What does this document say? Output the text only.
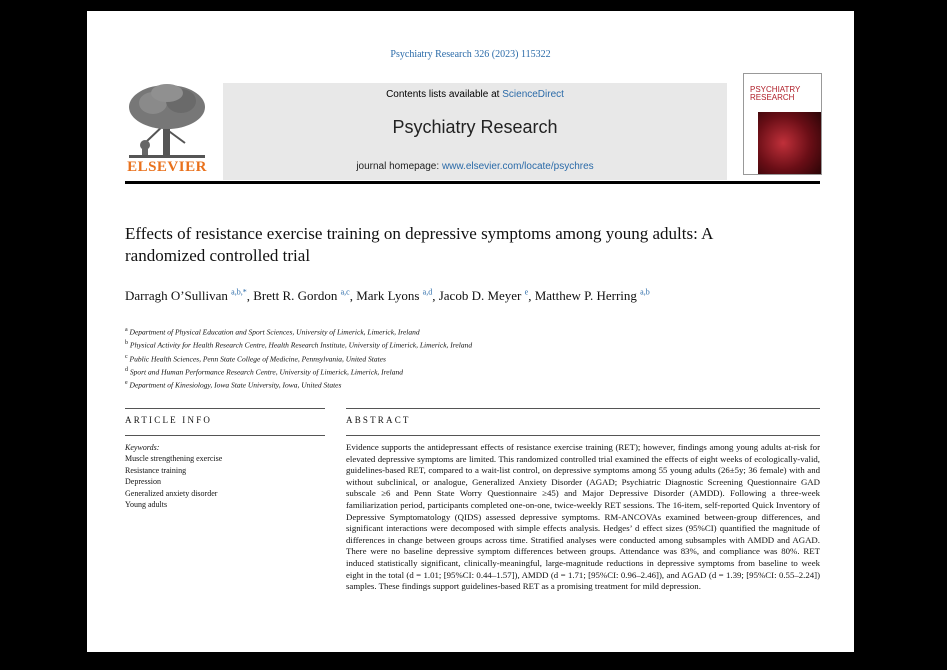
Psychiatry Research 326 (2023) 115322
ELSEVIER
Contents lists available at ScienceDirect
Psychiatry Research
journal homepage: www.elsevier.com/locate/psychres
PSYCHIATRY
RESEARCH
Effects of resistance exercise training on depressive symptoms among young adults: A randomized controlled trial
Darragh O’Sullivan $^{a,b,*}$, Brett R. Gordon $^{a,c}$, Mark Lyons $^{a,d}$, Jacob D. Meyer $^e$, Matthew P. Herring $^{a,b}$
$^a$ Department of Physical Education and Sport Sciences, University of Limerick, Limerick, Ireland
$^b$ Physical Activity for Health Research Centre, Health Research Institute, University of Limerick, Limerick, Ireland
$^c$ Public Health Sciences, Penn State College of Medicine, Pennsylvania, United States
$^d$ Sport and Human Performance Research Centre, University of Limerick, Limerick, Ireland
$^e$ Department of Kinesiology, Iowa State University, Iowa, United States
ARTICLE INFO	ABSTRACT
Keywords:
Muscle strengthening exercise
Resistance training
Depression
Generalized anxiety disorder
Young adults
Evidence supports the antidepressant effects of resistance exercise training (RET); however, findings among young adults at-risk for elevated depressive symptoms are limited. This randomized controlled trial examined the effects of eight weeks of ecologically-valid, guidelines-based RET, compared to a wait-list control, on depressive symptoms among 55 young adults (26±5y; 36 female) with and without subclinical, or analogue, Generalized Anxiety Disorder (AGAD; Psychiatric Diagnostic Screening Questionnaire GAD subscale ≥6 and Penn State Worry Questionnaire ≥45) and Major Depressive Disorder (AMDD). Following a three-week familiarization period, participants completed one-on-one, twice-weekly RET sessions. The 16-item, self-reported Quick Inventory of Depressive Symptomatology (QIDS) assessed depressive symptoms. RM-ANCOVAs examined between-group differences, and significant interactions were decomposed with simple effects analysis. Hedges’ d effect sizes (95%CI) quantified the magnitude of differences in change between groups across time. Stratified analyses were conducted among subsamples with AMDD and AGAD. There were no baseline depressive symptom differences between groups. Attendance was 83%, and compliance was 80%. RET induced statistically significant, clinically-meaningful, large-magnitude reductions in depressive symptoms from baseline to week eight in the total (d = 1.01; [95%CI: 0.44–1.57]), AMDD (d = 1.71; [95%CI: 0.96–2.46]), and AGAD (d = 1.39; [95%CI: 0.55–2.24]) samples. These findings support guidelines-based RET as a promising treatment for mild depression.
